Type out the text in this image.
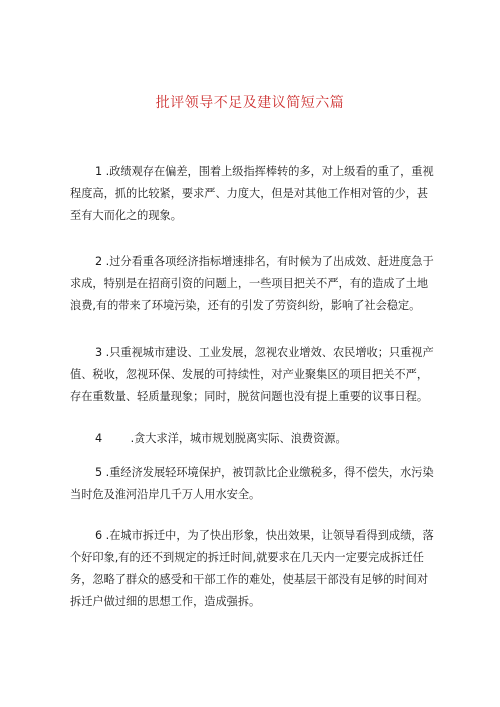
批评领导不足及建议简短六篇

1 .政绩观存在偏差，围着上级指挥棒转的多，对上级看的重了，重视程度高，抓的比较紧，要求严、力度大，但是对其他工作相对管的少，甚至有大而化之的现象。

2 .过分看重各项经济指标增速排名，有时候为了出成效、赶进度急于求成，特别是在招商引资的问题上，一些项目把关不严，有的造成了土地浪费,有的带来了环境污染，还有的引发了劳资纠纷，影响了社会稳定。

3 .只重视城市建设、工业发展，忽视农业增效、农民增收；只重视产值、税收，忽视环保、发展的可持续性，对产业聚集区的项目把关不严，存在重数量、轻质量现象；同时，脱贫问题也没有提上重要的议事日程。

4        .贪大求洋，城市规划脱离实际、浪费资源。

5 .重经济发展轻环境保护，被罚款比企业缴税多，得不偿失，水污染当时危及淮河沿岸几千万人用水安全。

6 .在城市拆迁中，为了快出形象，快出效果，让领导看得到成绩，落个好印象,有的还不到规定的拆迁时间,就要求在几天内一定要完成拆迁任务，忽略了群众的感受和干部工作的难处，使基层干部没有足够的时间对拆迁户做过细的思想工作，造成强拆。
